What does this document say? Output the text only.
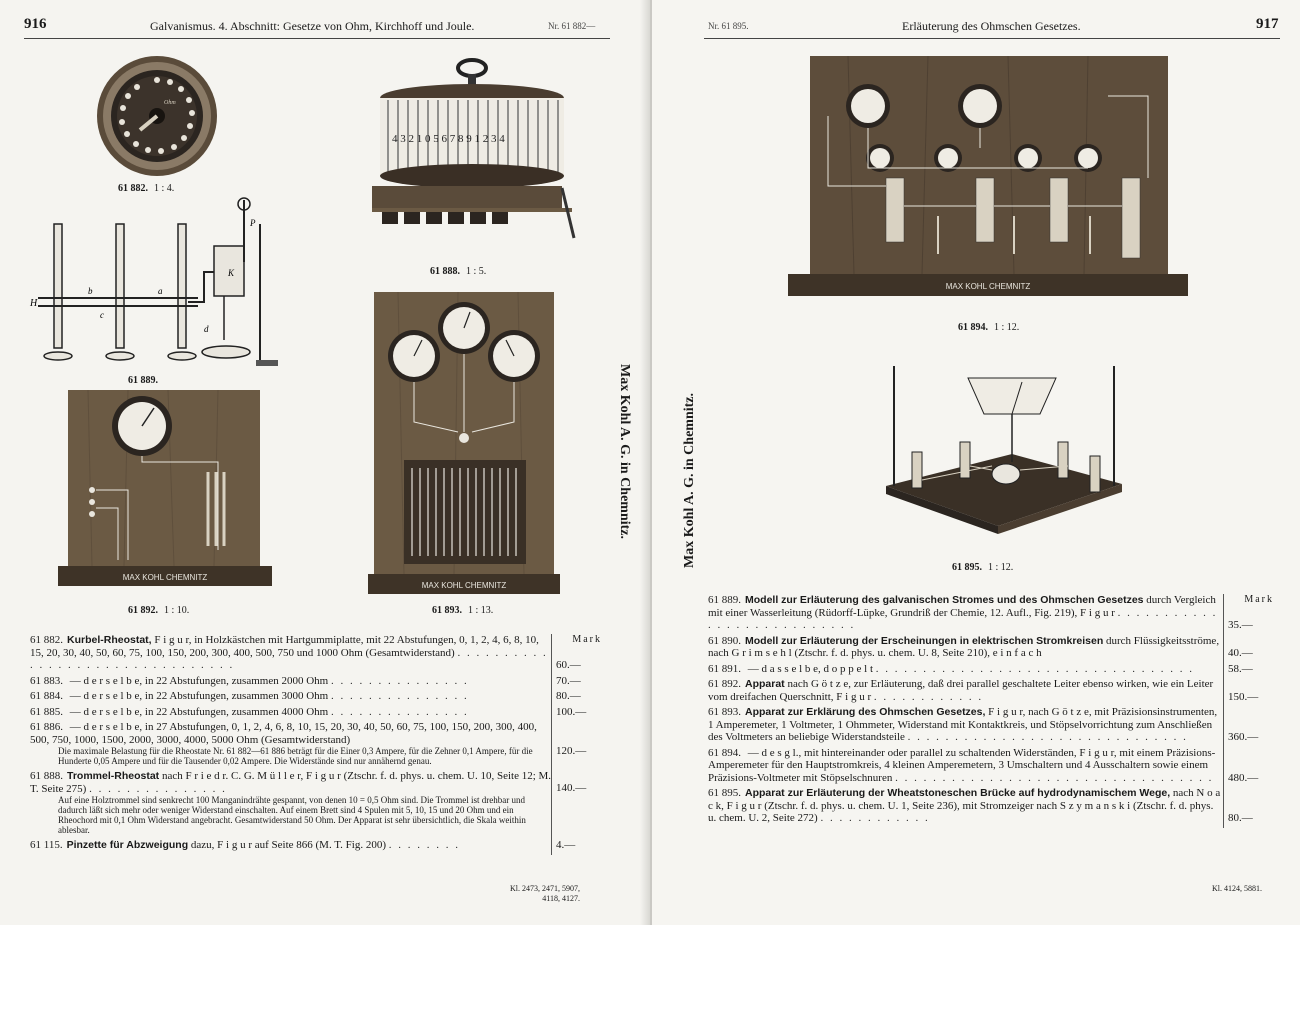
916	Galvanismus. 4. Abschnitt: Gesetze von Ohm, Kirchhoff und Joule.	Nr. 61 882—
Ohm
61 882. 1 : 4.
4 3 2 1 0 5 6 7 8 9 1 2 3 4
61 888. 1 : 5.
H
b	a
c
d
K
P
61 889.
MAX KOHL CHEMNITZ
61 892. 1 : 10.
MAX KOHL CHEMNITZ
61 893. 1 : 13.
Max Kohl A. G. in Chemnitz.
Mark
61 882. Kurbel-Rheostat, F i g u r, in Holzkästchen mit Hartgummiplatte, mit 22 Abstufungen, 0, 1, 2, 4, 6, 8, 10, 15, 20, 30, 40, 50, 60, 75, 100, 150, 200, 300, 400, 500, 750 und 1000 Ohm (Gesamtwiderstand) . . . . . . . . . . . . . . . . . . . . . . . . . . . . . . . .	60.—
61 883. — d e r s e l b e, in 22 Abstufungen, zusammen 2000 Ohm . . . . . . . . . . . . . . .	70.—
61 884. — d e r s e l b e, in 22 Abstufungen, zusammen 3000 Ohm . . . . . . . . . . . . . . .	80.—
61 885. — d e r s e l b e, in 22 Abstufungen, zusammen 4000 Ohm . . . . . . . . . . . . . . .	100.—
61 886. — d e r s e l b e, in 27 Abstufungen, 0, 1, 2, 4, 6, 8, 10, 15, 20, 30, 40, 50, 60, 75, 100, 150, 200, 300, 400, 500, 750, 1000, 1500, 2000, 3000, 4000, 5000 Ohm (Gesamtwiderstand)
120.—
Die maximale Belastung für die Rheostate Nr. 61 882—61 886 beträgt für die Einer 0,3 Ampere, für die Zehner 0,1 Ampere, für die Hunderte 0,05 Ampere und für die Tausender 0,02 Ampere. Die Widerstände sind nur annähernd genau.
61 888. Trommel-Rheostat nach F r i e d r. C. G. M ü l l e r, F i g u r (Ztschr. f. d. phys. u. chem. U. 10, Seite 12; M. T. Seite 275) . . . . . . . . . . . . . . .	140.—
Auf eine Holztrommel sind senkrecht 100 Manganindrähte gespannt, von denen 10 = 0,5 Ohm sind. Die Trommel ist drehbar und dadurch läßt sich mehr oder weniger Widerstand einschalten. Auf einem Brett sind 4 Spulen mit 5, 10, 15 und 20 Ohm und ein Rheochord mit 0,1 Ohm Widerstand angebracht. Gesamtwiderstand 50 Ohm. Der Apparat ist sehr übersichtlich, die Skala weithin ablesbar.
61 115. Pinzette für Abzweigung dazu, F i g u r auf Seite 866 (M. T. Fig. 200) . . . . . . . .	4.—
Kl. 2473, 2471, 5907,
4118, 4127.
Nr. 61 895.	Erläuterung des Ohmschen Gesetzes.	917
MAX KOHL CHEMNITZ
61 894. 1 : 12.
61 895. 1 : 12.
Max Kohl A. G. in Chemnitz.
Mark
61 889. Modell zur Erläuterung des galvanischen Stromes und des Ohmschen Gesetzes durch Vergleich mit einer Wasserleitung (Rüdorff-Lüpke, Grundriß der Chemie, 12. Aufl., Fig. 219), F i g u r . . . . . . . . . . . . . . . . . . . . . . . . . . .	35.—
61 890. Modell zur Erläuterung der Erscheinungen in elektrischen Stromkreisen durch Flüssigkeitsströme, nach G r i m s e h l (Ztschr. f. d. phys. u. chem. U. 8, Seite 210), e i n f a c h	40.—
61 891. — d a s s e l b e, d o p p e l t . . . . . . . . . . . . . . . . . . . . . . . . . . . . . . . . . .	58.—
61 892. Apparat nach G ö t z e, zur Erläuterung, daß drei parallel geschaltete Leiter ebenso wirken, wie ein Leiter vom dreifachen Querschnitt, F i g u r . . . . . . . . . . . .	150.—
61 893. Apparat zur Erklärung des Ohmschen Gesetzes, F i g u r, nach G ö t z e, mit Präzisionsinstrumenten, 1 Amperemeter, 1 Voltmeter, 1 Ohmmeter, Widerstand mit Kontaktkreis, und Stöpselvorrichtung zum Anschließen des Voltmeters an beliebige Widerstandsteile . . . . . . . . . . . . . . . . . . . . . . . . . . . . . .	360.—
61 894. — d e s g l., mit hintereinander oder parallel zu schaltenden Widerständen, F i g u r, mit einem Präzisions-Amperemeter für den Hauptstromkreis, 4 kleinen Amperemetern, 3 Umschaltern und 4 Ausschaltern sowie einem Präzisions-Voltmeter mit Stöpselschnuren . . . . . . . . . . . . . . . . . . . . . . . . . . . . . . . . . . 480.—
61 895. Apparat zur Erläuterung der Wheatstoneschen Brücke auf hydrodynamischem Wege, nach N o a c k, F i g u r (Ztschr. f. d. phys. u. chem. U. 1, Seite 236), mit Stromzeiger nach S z y m a n s k i (Ztschr. f. d. phys. u. chem. U. 2, Seite 272) . . . . . . . . . . . .	80.—
Kl. 4124, 5881.
